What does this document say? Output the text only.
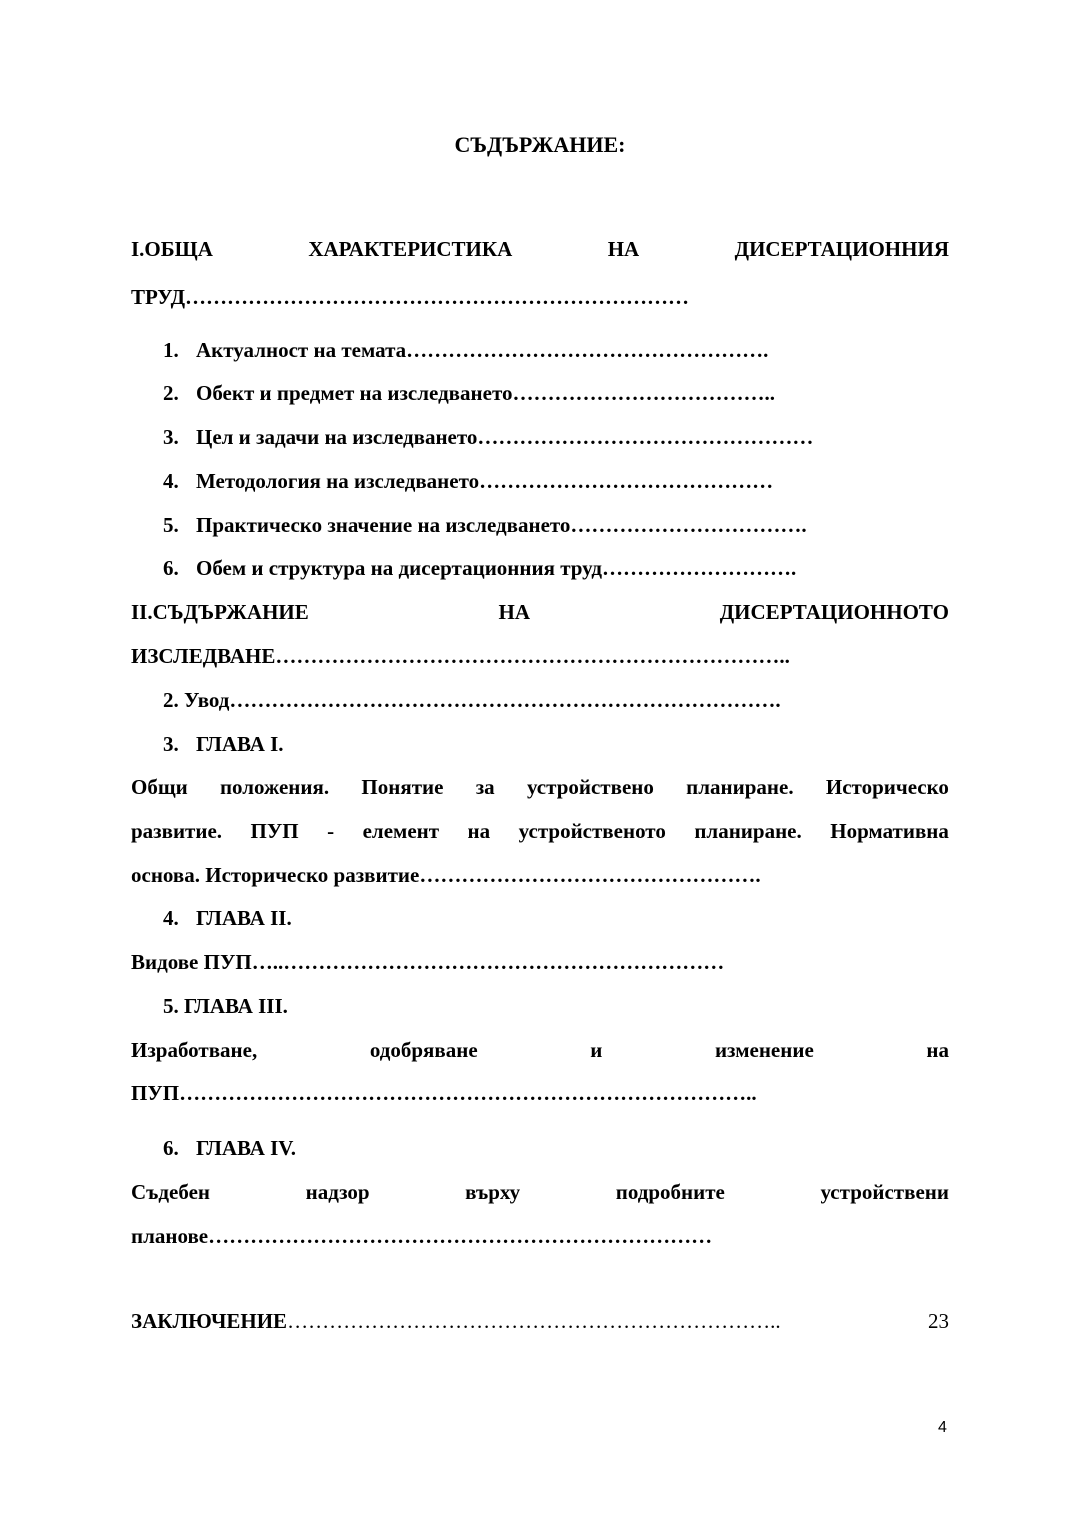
СЪДЪРЖАНИЕ:
І.ОБЩА	ХАРАКТЕРИСТИКА	НА	ДИСЕРТАЦИОННИЯ
ТРУД………………………………………………………………
1. Актуалност на темата…………………………………………….
2. Обект и предмет на изследването………………………………..
3. Цел и задачи на изследването…………………………………………
4. Методология на изследването……………………………………
5. Практическо значение на изследването…………………………….
6. Обем и структура на дисертационния труд……………………….
ІІ.СЪДЪРЖАНИЕ	НА	ДИСЕРТАЦИОННОТО
ИЗСЛЕДВАНЕ………………………………………………………………..
2. Увод…………………………………………………………………….
3. ГЛАВА І.
Общи положения. Понятие за устройствено планиране. Историческо
развитие. ПУП - елемент на устройственото планиране. Нормативна
основа. Историческо развитие………………………………………….
4. ГЛАВА ІІ.
Видове ПУП…..………………………………………………………
5. ГЛАВА ІІІ.
Изработване,	одобряване	и	изменение	на
ПУП………………………………………………………………………..
6. ГЛАВА ІV.
Съдебен	надзор	върху	подробните	устройствени
планове………………………………………………………………
ЗАКЛЮЧЕНИЕ……………………………………………………………..	23
4
